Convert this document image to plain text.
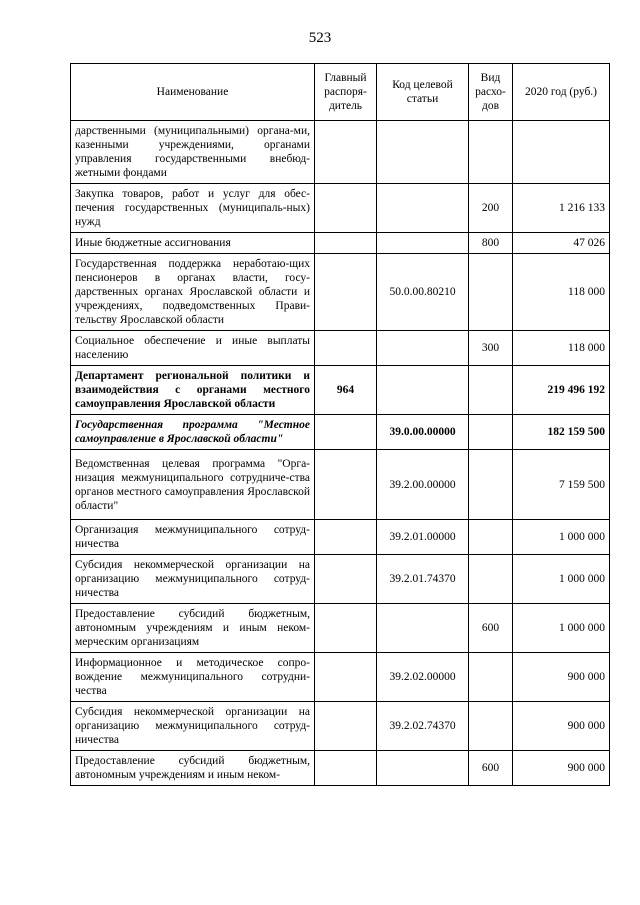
523
Наименование	Главный распоря-дитель	Код целевой статьи	Вид расхо-дов	2020 год (руб.)
дарственными (муниципальными) органа-ми, казенными учреждениями, органами управления государственными внебюд-жетными фондами				
Закупка товаров, работ и услуг для обес-печения государственных (муниципаль-ных) нужд			200	1 216 133
Иные бюджетные ассигнования			800	47 026
Государственная поддержка неработаю-щих пенсионеров в органах власти, госу-дарственных органах Ярославской области и учреждениях, подведомственных Прави-тельству Ярославской области		50.0.00.80210		118 000
Социальное обеспечение и иные выплаты населению			300	118 000
Департамент региональной политики и взаимодействия с органами местного самоуправления Ярославской области	964			219 496 192
Государственная программа "Местное самоуправление в Ярославской области"		39.0.00.00000		182 159 500
Ведомственная целевая программа "Орга-низация межмуниципального сотрудниче-ства органов местного самоуправления Ярославской области"		39.2.00.00000		7 159 500
Организация межмуниципального сотруд-ничества		39.2.01.00000		1 000 000
Субсидия некоммерческой организации на организацию межмуниципального сотруд-ничества		39.2.01.74370		1 000 000
Предоставление субсидий бюджетным, автономным учреждениям и иным неком-мерческим организациям			600	1 000 000
Информационное и методическое сопро-вождение межмуниципального сотрудни-чества		39.2.02.00000		900 000
Субсидия некоммерческой организации на организацию межмуниципального сотруд-ничества		39.2.02.74370		900 000
Предоставление субсидий бюджетным, автономным учреждениям и иным неком-			600	900 000
